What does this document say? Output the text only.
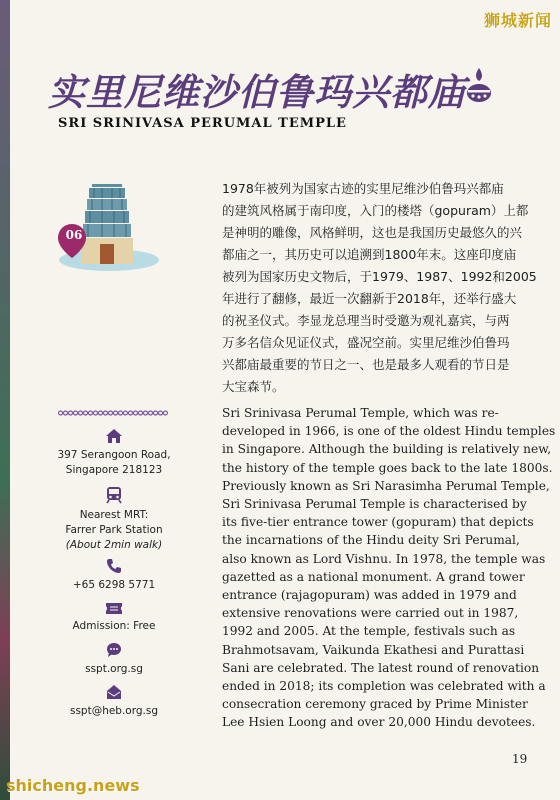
狮城新闻
实里尼维沙伯鲁玛兴都庙
SRI SRINIVASA PERUMAL TEMPLE
06
1978年被列为国家古迹的实里尼维沙伯鲁玛兴都庙
的建筑风格属于南印度，入门的楼塔（gopuram）上都
是神明的雕像，风格鲜明，这也是我国历史最悠久的兴
都庙之一，其历史可以追溯到1800年末。这座印度庙
被列为国家历史文物后，于1979、1987、1992和2005
年进行了翻修，最近一次翻新于2018年，还举行盛大
的祝圣仪式。李显龙总理当时受邀为观礼嘉宾，与两
万多名信众见证仪式，盛况空前。实里尼维沙伯鲁玛
兴都庙最重要的节日之一、也是最多人观看的节日是
大宝森节。
397 Serangoon Road,
Singapore 218123
Nearest MRT:
Farrer Park Station
(About 2min walk)
+65 6298 5771
Admission: Free
sspt.org.sg
sspt@heb.org.sg
Sri Srinivasa Perumal Temple, which was re-
developed in 1966, is one of the oldest Hindu temples
in Singapore. Although the building is relatively new,
the history of the temple goes back to the late 1800s.
Previously known as Sri Narasimha Perumal Temple,
Sri Srinivasa Perumal Temple is characterised by
its five-tier entrance tower (gopuram) that depicts
the incarnations of the Hindu deity Sri Perumal,
also known as Lord Vishnu. In 1978, the temple was
gazetted as a national monument. A grand tower
entrance (rajagopuram) was added in 1979 and
extensive renovations were carried out in 1987,
1992 and 2005. At the temple, festivals such as
Brahmotsavam, Vaikunda Ekathesi and Purattasi
Sani are celebrated. The latest round of renovation
ended in 2018; its completion was celebrated with a
consecration ceremony graced by Prime Minister
Lee Hsien Loong and over 20,000 Hindu devotees.
19
shicheng.news
